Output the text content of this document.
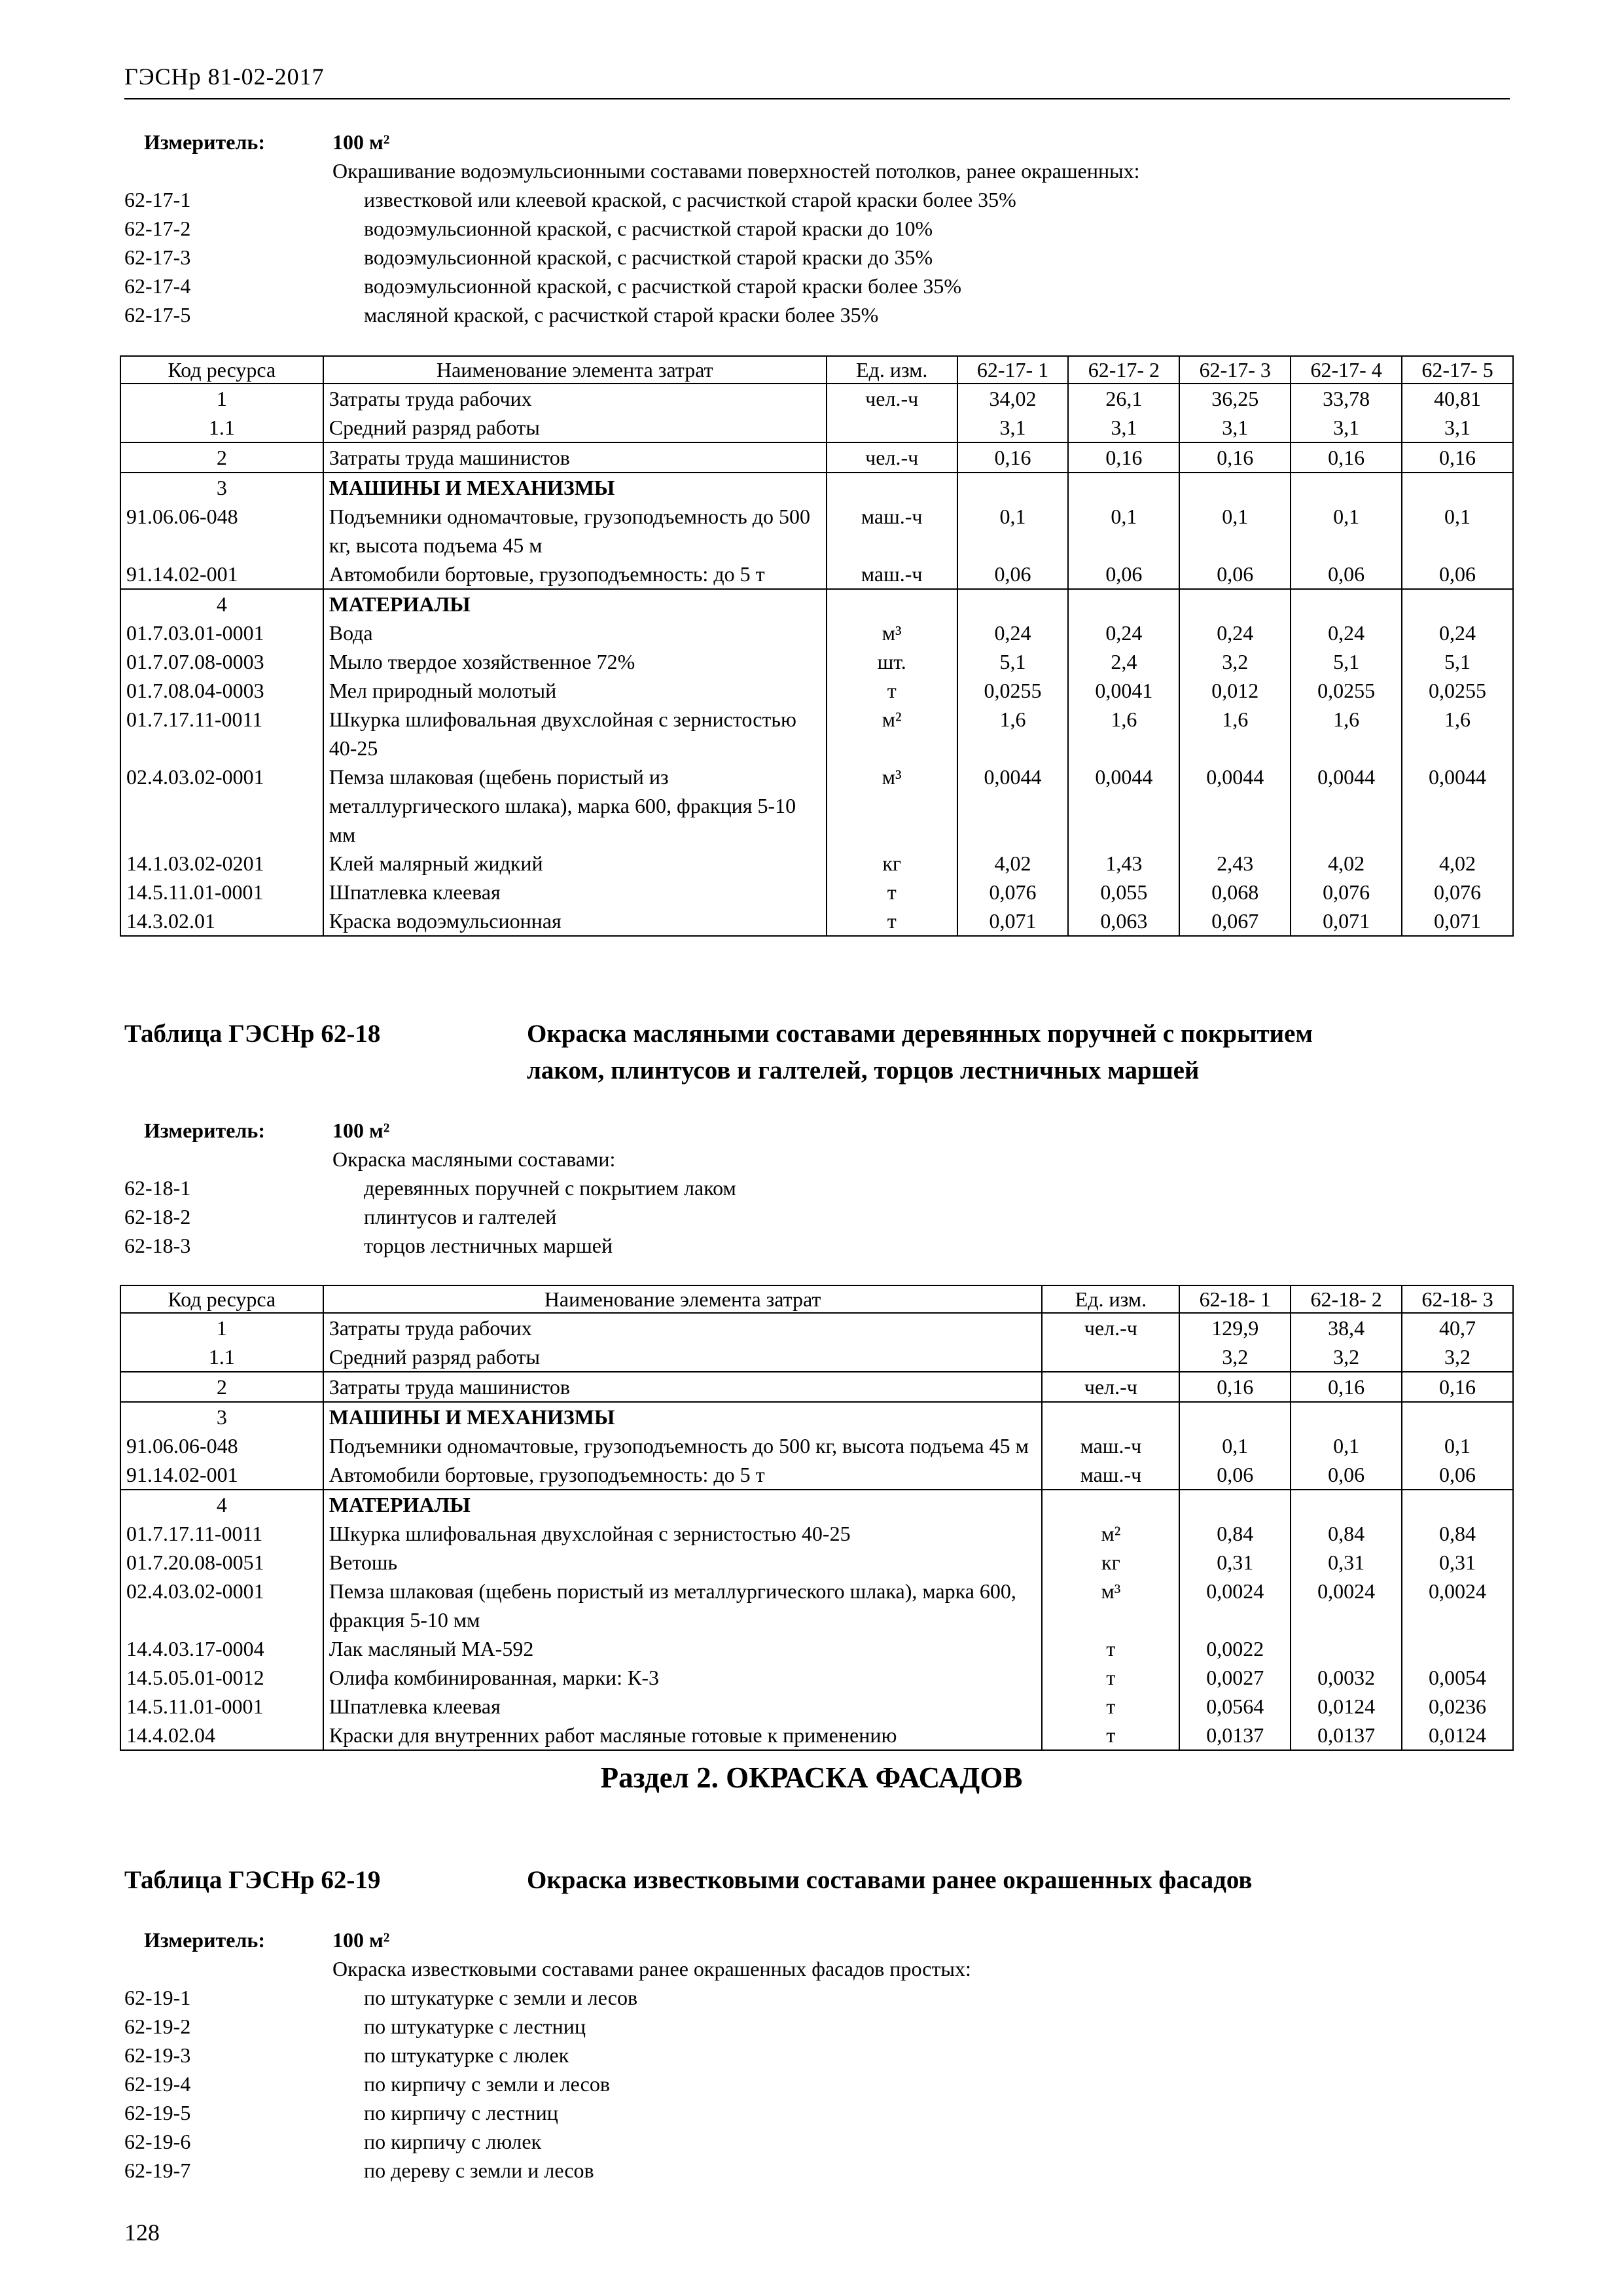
ГЭСНр 81-02-2017
Измеритель:	100 м²
Окрашивание водоэмульсионными составами поверхностей потолков, ранее окрашенных:
62-17-1	известковой или клеевой краской, с расчисткой старой краски более 35%
62-17-2	водоэмульсионной краской, с расчисткой старой краски до 10%
62-17-3	водоэмульсионной краской, с расчисткой старой краски до 35%
62-17-4	водоэмульсионной краской, с расчисткой старой краски более 35%
62-17-5	масляной краской, с расчисткой старой краски более 35%
Код ресурса	Наименование элемента затрат	Ед. изм.	62-17- 1	62-17- 2	62-17- 3	62-17- 4	62-17- 5
1	Затраты труда рабочих	чел.-ч	34,02	26,1	36,25	33,78	40,81
1.1	Средний разряд работы		3,1	3,1	3,1	3,1	3,1
2	Затраты труда машинистов	чел.-ч	0,16	0,16	0,16	0,16	0,16
3	МАШИНЫ И МЕХАНИЗМЫ						
91.06.06-048	Подъемники одномачтовые, грузоподъемность до 500 кг, высота подъема 45 м	маш.-ч	0,1	0,1	0,1	0,1	0,1
91.14.02-001	Автомобили бортовые, грузоподъемность: до 5 т	маш.-ч	0,06	0,06	0,06	0,06	0,06
4	МАТЕРИАЛЫ						
01.7.03.01-0001	Вода	м³	0,24	0,24	0,24	0,24	0,24
01.7.07.08-0003	Мыло твердое хозяйственное 72%	шт.	5,1	2,4	3,2	5,1	5,1
01.7.08.04-0003	Мел природный молотый	т	0,0255	0,0041	0,012	0,0255	0,0255
01.7.17.11-0011	Шкурка шлифовальная двухслойная с зернистостью 40-25	м²	1,6	1,6	1,6	1,6	1,6
02.4.03.02-0001	Пемза шлаковая (щебень пористый из металлургического шлака), марка 600, фракция 5-10 мм	м³	0,0044	0,0044	0,0044	0,0044	0,0044
14.1.03.02-0201	Клей малярный жидкий	кг	4,02	1,43	2,43	4,02	4,02
14.5.11.01-0001	Шпатлевка клеевая	т	0,076	0,055	0,068	0,076	0,076
14.3.02.01	Краска водоэмульсионная	т	0,071	0,063	0,067	0,071	0,071
Таблица ГЭСНр 62-18	Окраска масляными составами деревянных поручней с покрытием
лаком, плинтусов и галтелей, торцов лестничных маршей
Измеритель:	100 м²
Окраска масляными составами:
62-18-1	деревянных поручней с покрытием лаком
62-18-2	плинтусов и галтелей
62-18-3	торцов лестничных маршей
Код ресурса	Наименование элемента затрат	Ед. изм.	62-18- 1	62-18- 2	62-18- 3
1	Затраты труда рабочих	чел.-ч	129,9	38,4	40,7
1.1	Средний разряд работы		3,2	3,2	3,2
2	Затраты труда машинистов	чел.-ч	0,16	0,16	0,16
3	МАШИНЫ И МЕХАНИЗМЫ				
91.06.06-048	Подъемники одномачтовые, грузоподъемность до 500 кг, высота подъема 45 м	маш.-ч	0,1	0,1	0,1
91.14.02-001	Автомобили бортовые, грузоподъемность: до 5 т	маш.-ч	0,06	0,06	0,06
4	МАТЕРИАЛЫ				
01.7.17.11-0011	Шкурка шлифовальная двухслойная с зернистостью 40-25	м²	0,84	0,84	0,84
01.7.20.08-0051	Ветошь	кг	0,31	0,31	0,31
02.4.03.02-0001	Пемза шлаковая (щебень пористый из металлургического шлака), марка 600, фракция 5-10 мм	м³	0,0024	0,0024	0,0024
14.4.03.17-0004	Лак масляный МА-592	т	0,0022		
14.5.05.01-0012	Олифа комбинированная, марки: К-3	т	0,0027	0,0032	0,0054
14.5.11.01-0001	Шпатлевка клеевая	т	0,0564	0,0124	0,0236
14.4.02.04	Краски для внутренних работ масляные готовые к применению	т	0,0137	0,0137	0,0124
Раздел 2. ОКРАСКА ФАСАДОВ
Таблица ГЭСНр 62-19	Окраска известковыми составами ранее окрашенных фасадов
Измеритель:	100 м²
Окраска известковыми составами ранее окрашенных фасадов простых:
62-19-1	по штукатурке с земли и лесов
62-19-2	по штукатурке с лестниц
62-19-3	по штукатурке с люлек
62-19-4	по кирпичу с земли и лесов
62-19-5	по кирпичу с лестниц
62-19-6	по кирпичу с люлек
62-19-7	по дереву с земли и лесов
128
